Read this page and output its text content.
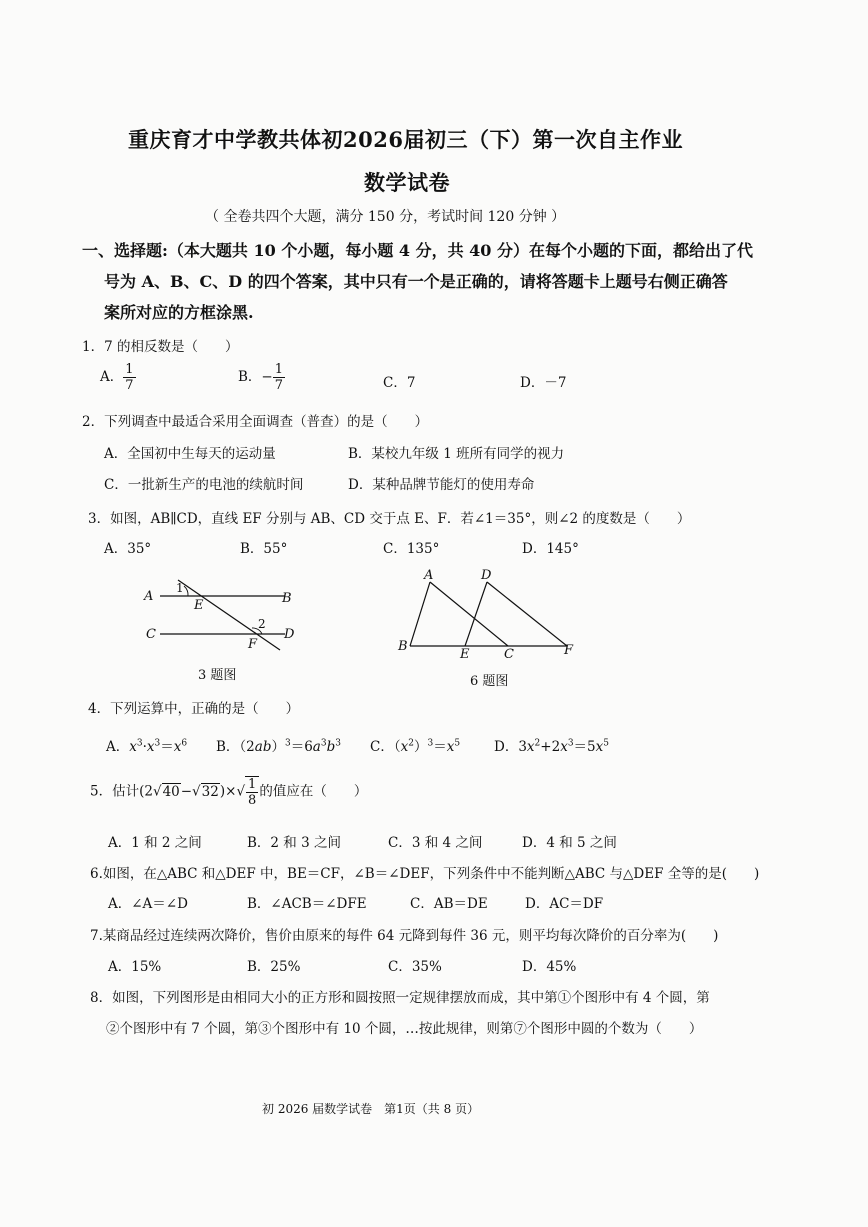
重庆育才中学教共体初2026届初三（下）第一次自主作业
数学试卷
（ 全卷共四个大题，满分 150 分，考试时间 120 分钟 ）
一、选择题:（本大题共 10 个小题，每小题 4 分，共 40 分）在每个小题的下面，都给出了代
号为 A、B、C、D 的四个答案，其中只有一个是正确的，请将答题卡上题号右侧正确答
案所对应的方框涂黑.
1．7 的相反数是（　　）
A． $\frac{1}{7}$	B．− $\frac{1}{7}$	C．7	D．－7
2．下列调查中最适合采用全面调查（普查）的是（　　）
A．全国初中生每天的运动量	B．某校九年级 1 班所有同学的视力
C．一批新生产的电池的续航时间	D．某种品牌节能灯的使用寿命
3．如图，AB∥CD，直线 EF 分别与 AB、CD 交于点 E、F．若∠1＝35°，则∠2 的度数是（　　）
A．35°	B．55°	C．135°	D．145°
A	B
C	D
E
F
1
2
3 题图
A
B
C
D
E	F
6 题图
4．下列运算中，正确的是（　　）
A．$x^3\cdot x^3=x^6$ B．$(2ab)^3=6a^3b^3$ C．$(x^2)^3=x^5$	D．$3x^2+2x^3=5x^5$
5．估计$(2√40-√32)\times√ \frac{1}{8}$ 的值应在（　　）
A．1 和 2 之间	B．2 和 3 之间	C．3 和 4 之间	D．4 和 5 之间
6.如图，在△ABC 和△DEF 中，BE＝CF，∠B＝∠DEF，下列条件中不能判断△ABC 与△DEF 全等的是(　　)
A．∠A＝∠D	B．∠ACB＝∠DFE	C．AB＝DE	D．AC＝DF
7.某商品经过连续两次降价，售价由原来的每件 64 元降到每件 36 元，则平均每次降价的百分率为(　　)
A．15%	B．25%	C．35%	D．45%
8．如图，下列图形是由相同大小的正方形和圆按照一定规律摆放而成，其中第①个图形中有 4 个圆，第
②个图形中有 7 个圆，第③个图形中有 10 个圆，…按此规律，则第⑦个图形中圆的个数为（　　）
初 2026 届数学试卷　第1页（共 8 页）
